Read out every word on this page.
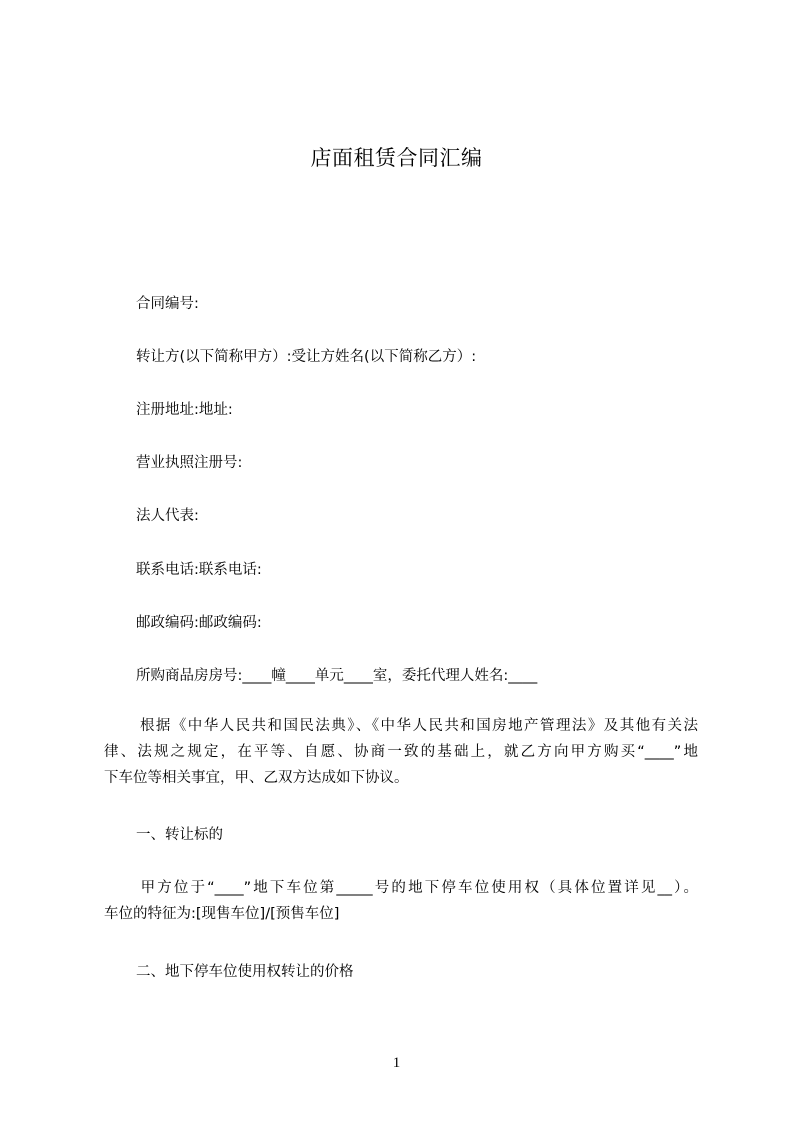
店面租赁合同汇编
合同编号:
转让方(以下简称甲方）:受让方姓名(以下简称乙方）:
注册地址:地址:
营业执照注册号:
法人代表:
联系电话:联系电话:
邮政编码:邮政编码:
所购商品房房号:____幢____单元____室，委托代理人姓名:____
　根据《中华人民共和国民法典》、《中华人民共和国房地产管理法》及其他有关法
律、法规之规定，在平等、自愿、协商一致的基础上，就乙方向甲方购买“____”地
下车位等相关事宜，甲、乙双方达成如下协议。
一、转让标的
　甲方位于“____”地下车位第_____号的地下停车位使用权（具体位置详见__）。
车位的特征为:[现售车位]/[预售车位]
二、地下停车位使用权转让的价格
1
